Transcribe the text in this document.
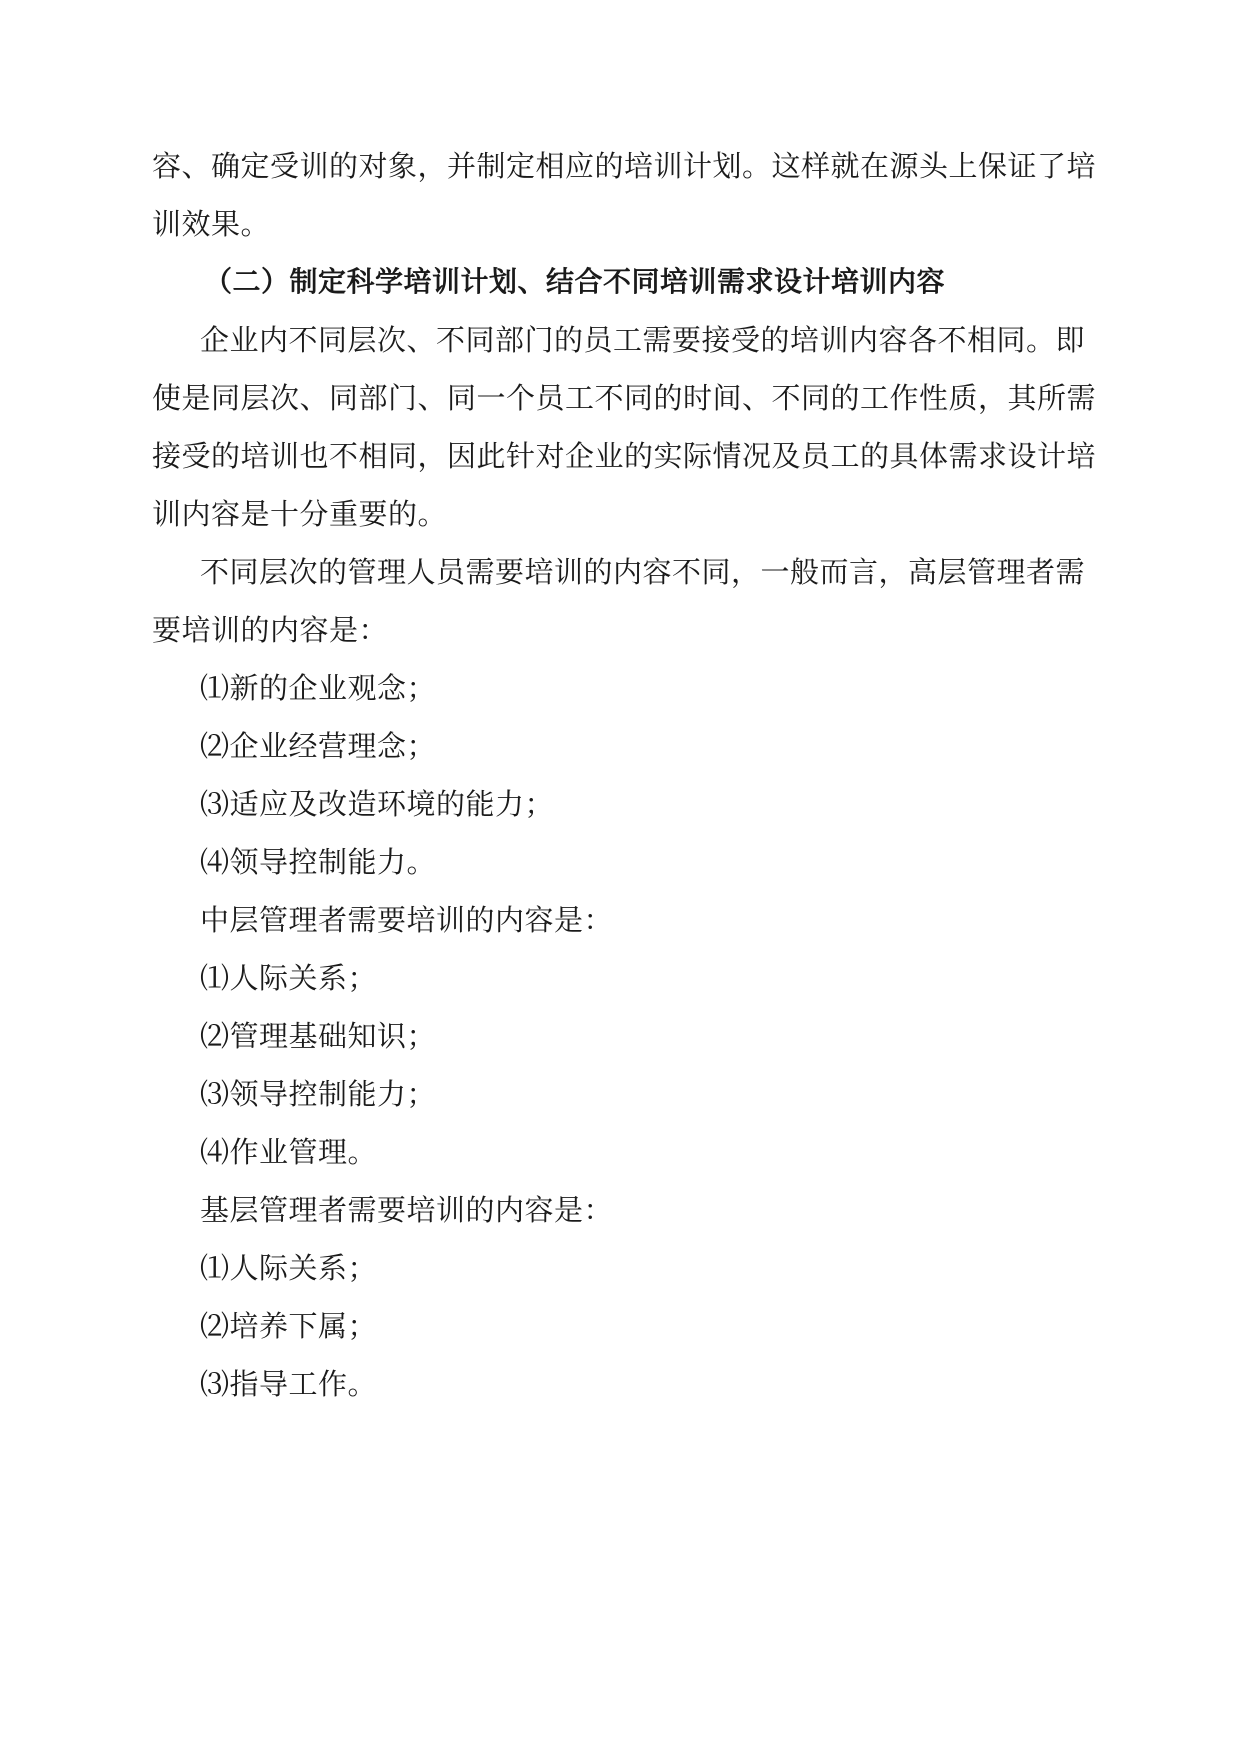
容、确定受训的对象，并制定相应的培训计划。这样就在源头上保证了培
训效果。
（二）制定科学培训计划、结合不同培训需求设计培训内容
企业内不同层次、不同部门的员工需要接受的培训内容各不相同。即
使是同层次、同部门、同一个员工不同的时间、不同的工作性质，其所需
接受的培训也不相同，因此针对企业的实际情况及员工的具体需求设计培
训内容是十分重要的。
不同层次的管理人员需要培训的内容不同，一般而言，高层管理者需
要培训的内容是：
⑴新的企业观念；
⑵企业经营理念；
⑶适应及改造环境的能力；
⑷领导控制能力。
中层管理者需要培训的内容是：
⑴人际关系；
⑵管理基础知识；
⑶领导控制能力；
⑷作业管理。
基层管理者需要培训的内容是：
⑴人际关系；
⑵培养下属；
⑶指导工作。
